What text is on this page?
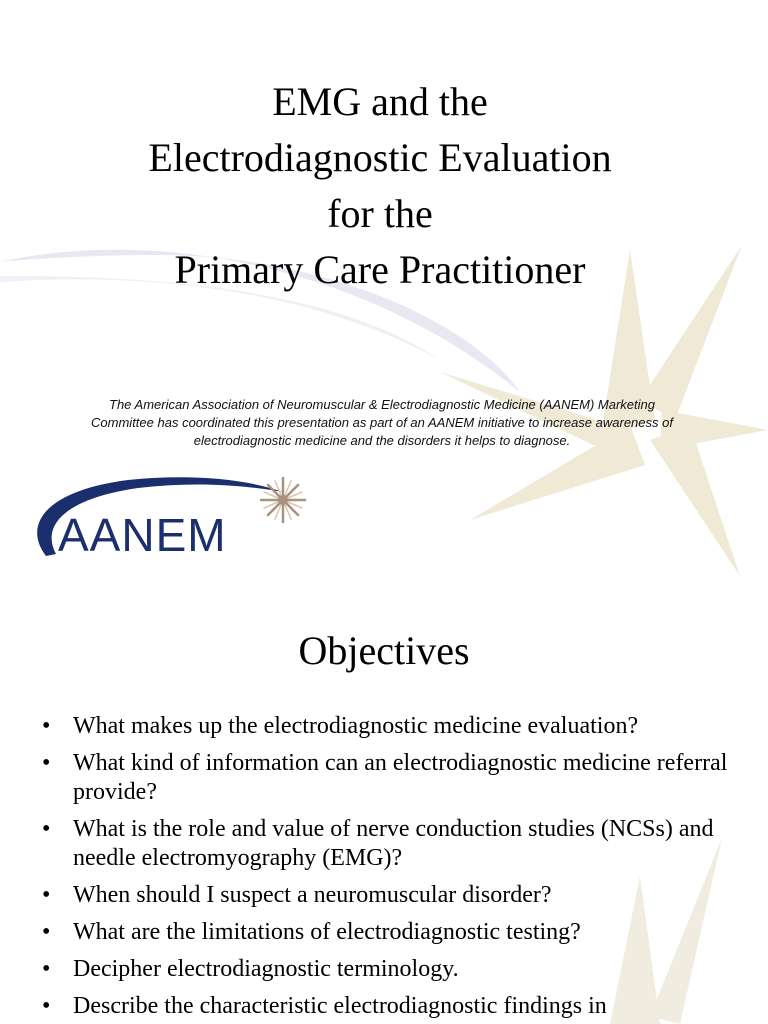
EMG and the
Electrodiagnostic Evaluation
for the
Primary Care Practitioner
The American Association of Neuromuscular & Electrodiagnostic Medicine (AANEM) Marketing Committee has coordinated this presentation as part of an AANEM initiative to increase awareness of electrodiagnostic medicine and the disorders it helps to diagnose.
AANEM
Objectives
• What makes up the electrodiagnostic medicine evaluation?
• What kind of information can an electrodiagnostic medicine referral provide?
• What is the role and value of nerve conduction studies (NCSs) and needle electromyography (EMG)?
• When should I suspect a neuromuscular disorder?
• What are the limitations of electrodiagnostic testing?
• Decipher electrodiagnostic terminology.
• Describe the characteristic electrodiagnostic findings in
